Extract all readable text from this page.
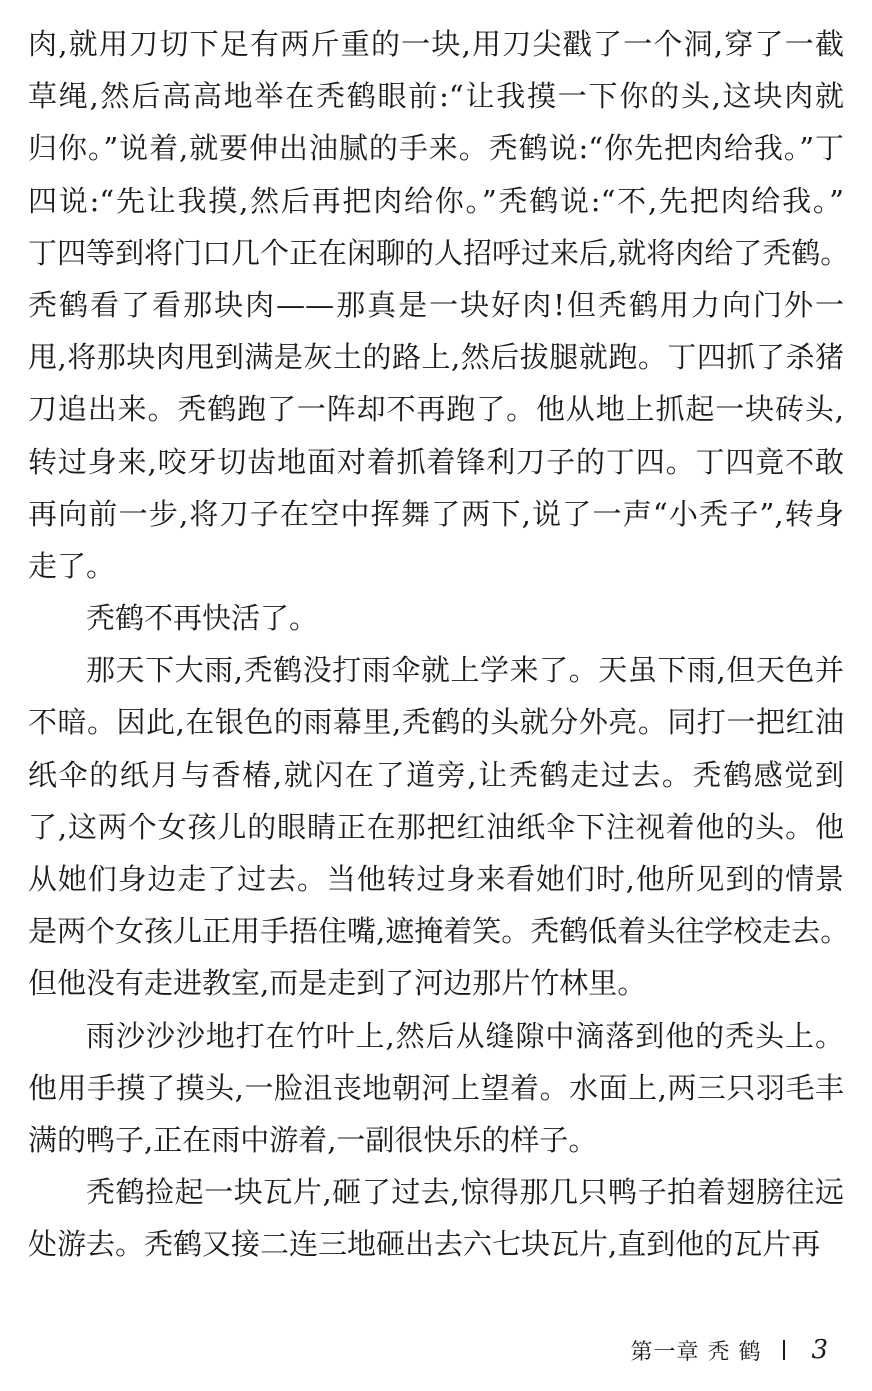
肉,就用刀切下足有两斤重的一块,用刀尖戳了一个洞,穿了一截
草绳,然后高高地举在秃鹤眼前:“让我摸一下你的头,这块肉就
归你。”说着,就要伸出油腻的手来。秃鹤说:“你先把肉给我。”丁
四说:“先让我摸,然后再把肉给你。”秃鹤说:“不,先把肉给我。”
丁四等到将门口几个正在闲聊的人招呼过来后,就将肉给了秃鹤。
秃鹤看了看那块肉——那真是一块好肉!但秃鹤用力向门外一
甩,将那块肉甩到满是灰土的路上,然后拔腿就跑。丁四抓了杀猪
刀追出来。秃鹤跑了一阵却不再跑了。他从地上抓起一块砖头,
转过身来,咬牙切齿地面对着抓着锋利刀子的丁四。丁四竟不敢
再向前一步,将刀子在空中挥舞了两下,说了一声“小秃子”,转身
走了。
秃鹤不再快活了。
那天下大雨,秃鹤没打雨伞就上学来了。天虽下雨,但天色并
不暗。因此,在银色的雨幕里,秃鹤的头就分外亮。同打一把红油
纸伞的纸月与香椿,就闪在了道旁,让秃鹤走过去。秃鹤感觉到
了,这两个女孩儿的眼睛正在那把红油纸伞下注视着他的头。他
从她们身边走了过去。当他转过身来看她们时,他所见到的情景
是两个女孩儿正用手捂住嘴,遮掩着笑。秃鹤低着头往学校走去。
但他没有走进教室,而是走到了河边那片竹林里。
雨沙沙沙地打在竹叶上,然后从缝隙中滴落到他的秃头上。
他用手摸了摸头,一脸沮丧地朝河上望着。水面上,两三只羽毛丰
满的鸭子,正在雨中游着,一副很快乐的样子。
秃鹤捡起一块瓦片,砸了过去,惊得那几只鸭子拍着翅膀往远
处游去。秃鹤又接二连三地砸出去六七块瓦片,直到他的瓦片再
第一章 秃 鹤 3
